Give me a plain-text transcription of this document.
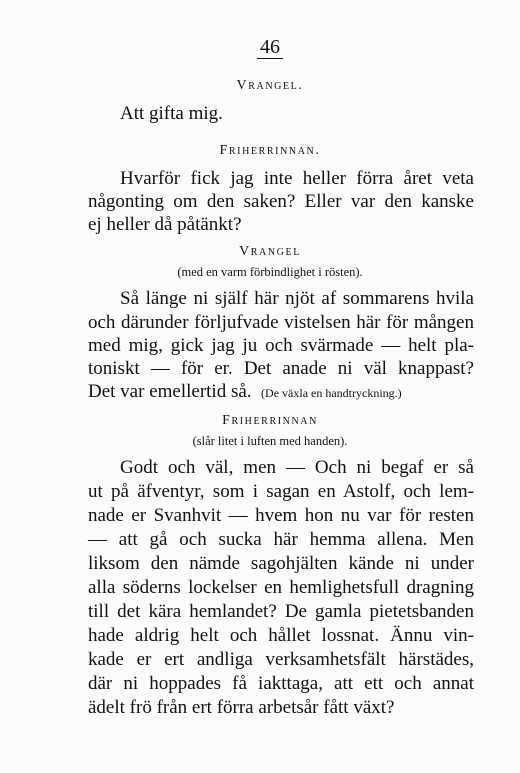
46
Vrangel.
Att gifta mig.
Friherrinnan.
Hvarför fick jag inte heller förra året veta
någonting om den saken? Eller var den kanske
ej heller då påtänkt?
Vrangel
(med en varm förbindlighet i rösten).
Så länge ni själf här njöt af sommarens hvila
och därunder förljufvade vistelsen här för mången
med mig, gick jag ju och svärmade — helt pla-
toniskt — för er. Det anade ni väl knappast?
Det var emellertid så. (De växla en handtryckning.)
Friherrinnan
(slår litet i luften med handen).
Godt och väl, men — Och ni begaf er så
ut på äfventyr, som i sagan en Astolf, och lem-
nade er Svanhvit — hvem hon nu var för resten
— att gå och sucka här hemma allena. Men
liksom den nämde sagohjälten kände ni under
alla söderns lockelser en hemlighetsfull dragning
till det kära hemlandet? De gamla pietetsbanden
hade aldrig helt och hållet lossnat. Ännu vin-
kade er ert andliga verksamhetsfält härstädes,
där ni hoppades få iakttaga, att ett och annat
ädelt frö från ert förra arbetsår fått växt?
